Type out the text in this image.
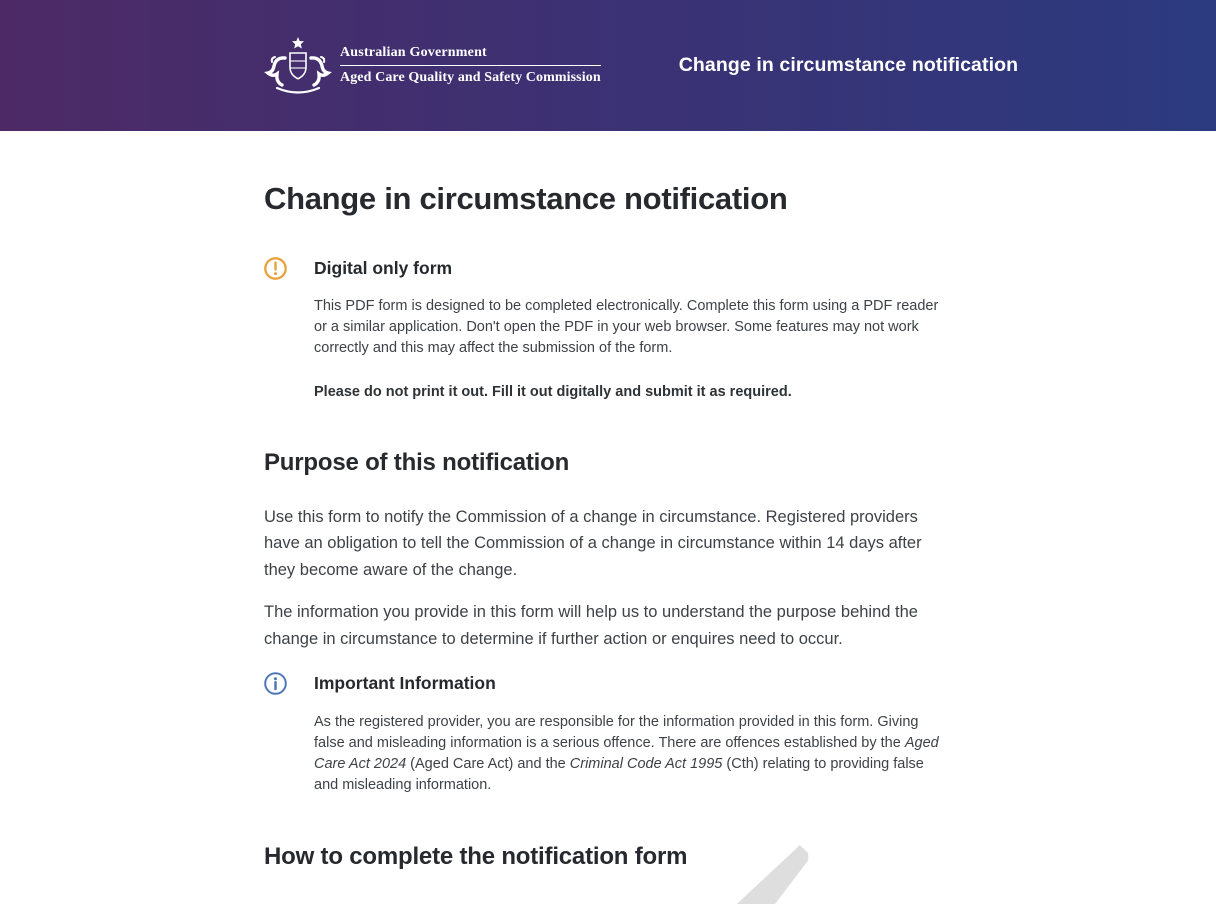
Australian Government
Aged Care Quality and Safety Commission
Change in circumstance notification
Change in circumstance notification
Digital only form
This PDF form is designed to be completed electronically. Complete this form using a PDF reader or a similar application. Don't open the PDF in your web browser. Some features may not work correctly and this may affect the submission of the form.
Please do not print it out. Fill it out digitally and submit it as required.
Purpose of this notification

Use this form to notify the Commission of a change in circumstance. Registered providers have an obligation to tell the Commission of a change in circumstance within 14 days after they become aware of the change.

The information you provide in this form will help us to understand the purpose behind the change in circumstance to determine if further action or enquires need to occur.

Important Information
As the registered provider, you are responsible for the information provided in this form. Giving false and misleading information is a serious offence. There are offences established by the Aged Care Act 2024 (Aged Care Act) and the Criminal Code Act 1995 (Cth) relating to providing false and misleading information.
How to complete the notification form
